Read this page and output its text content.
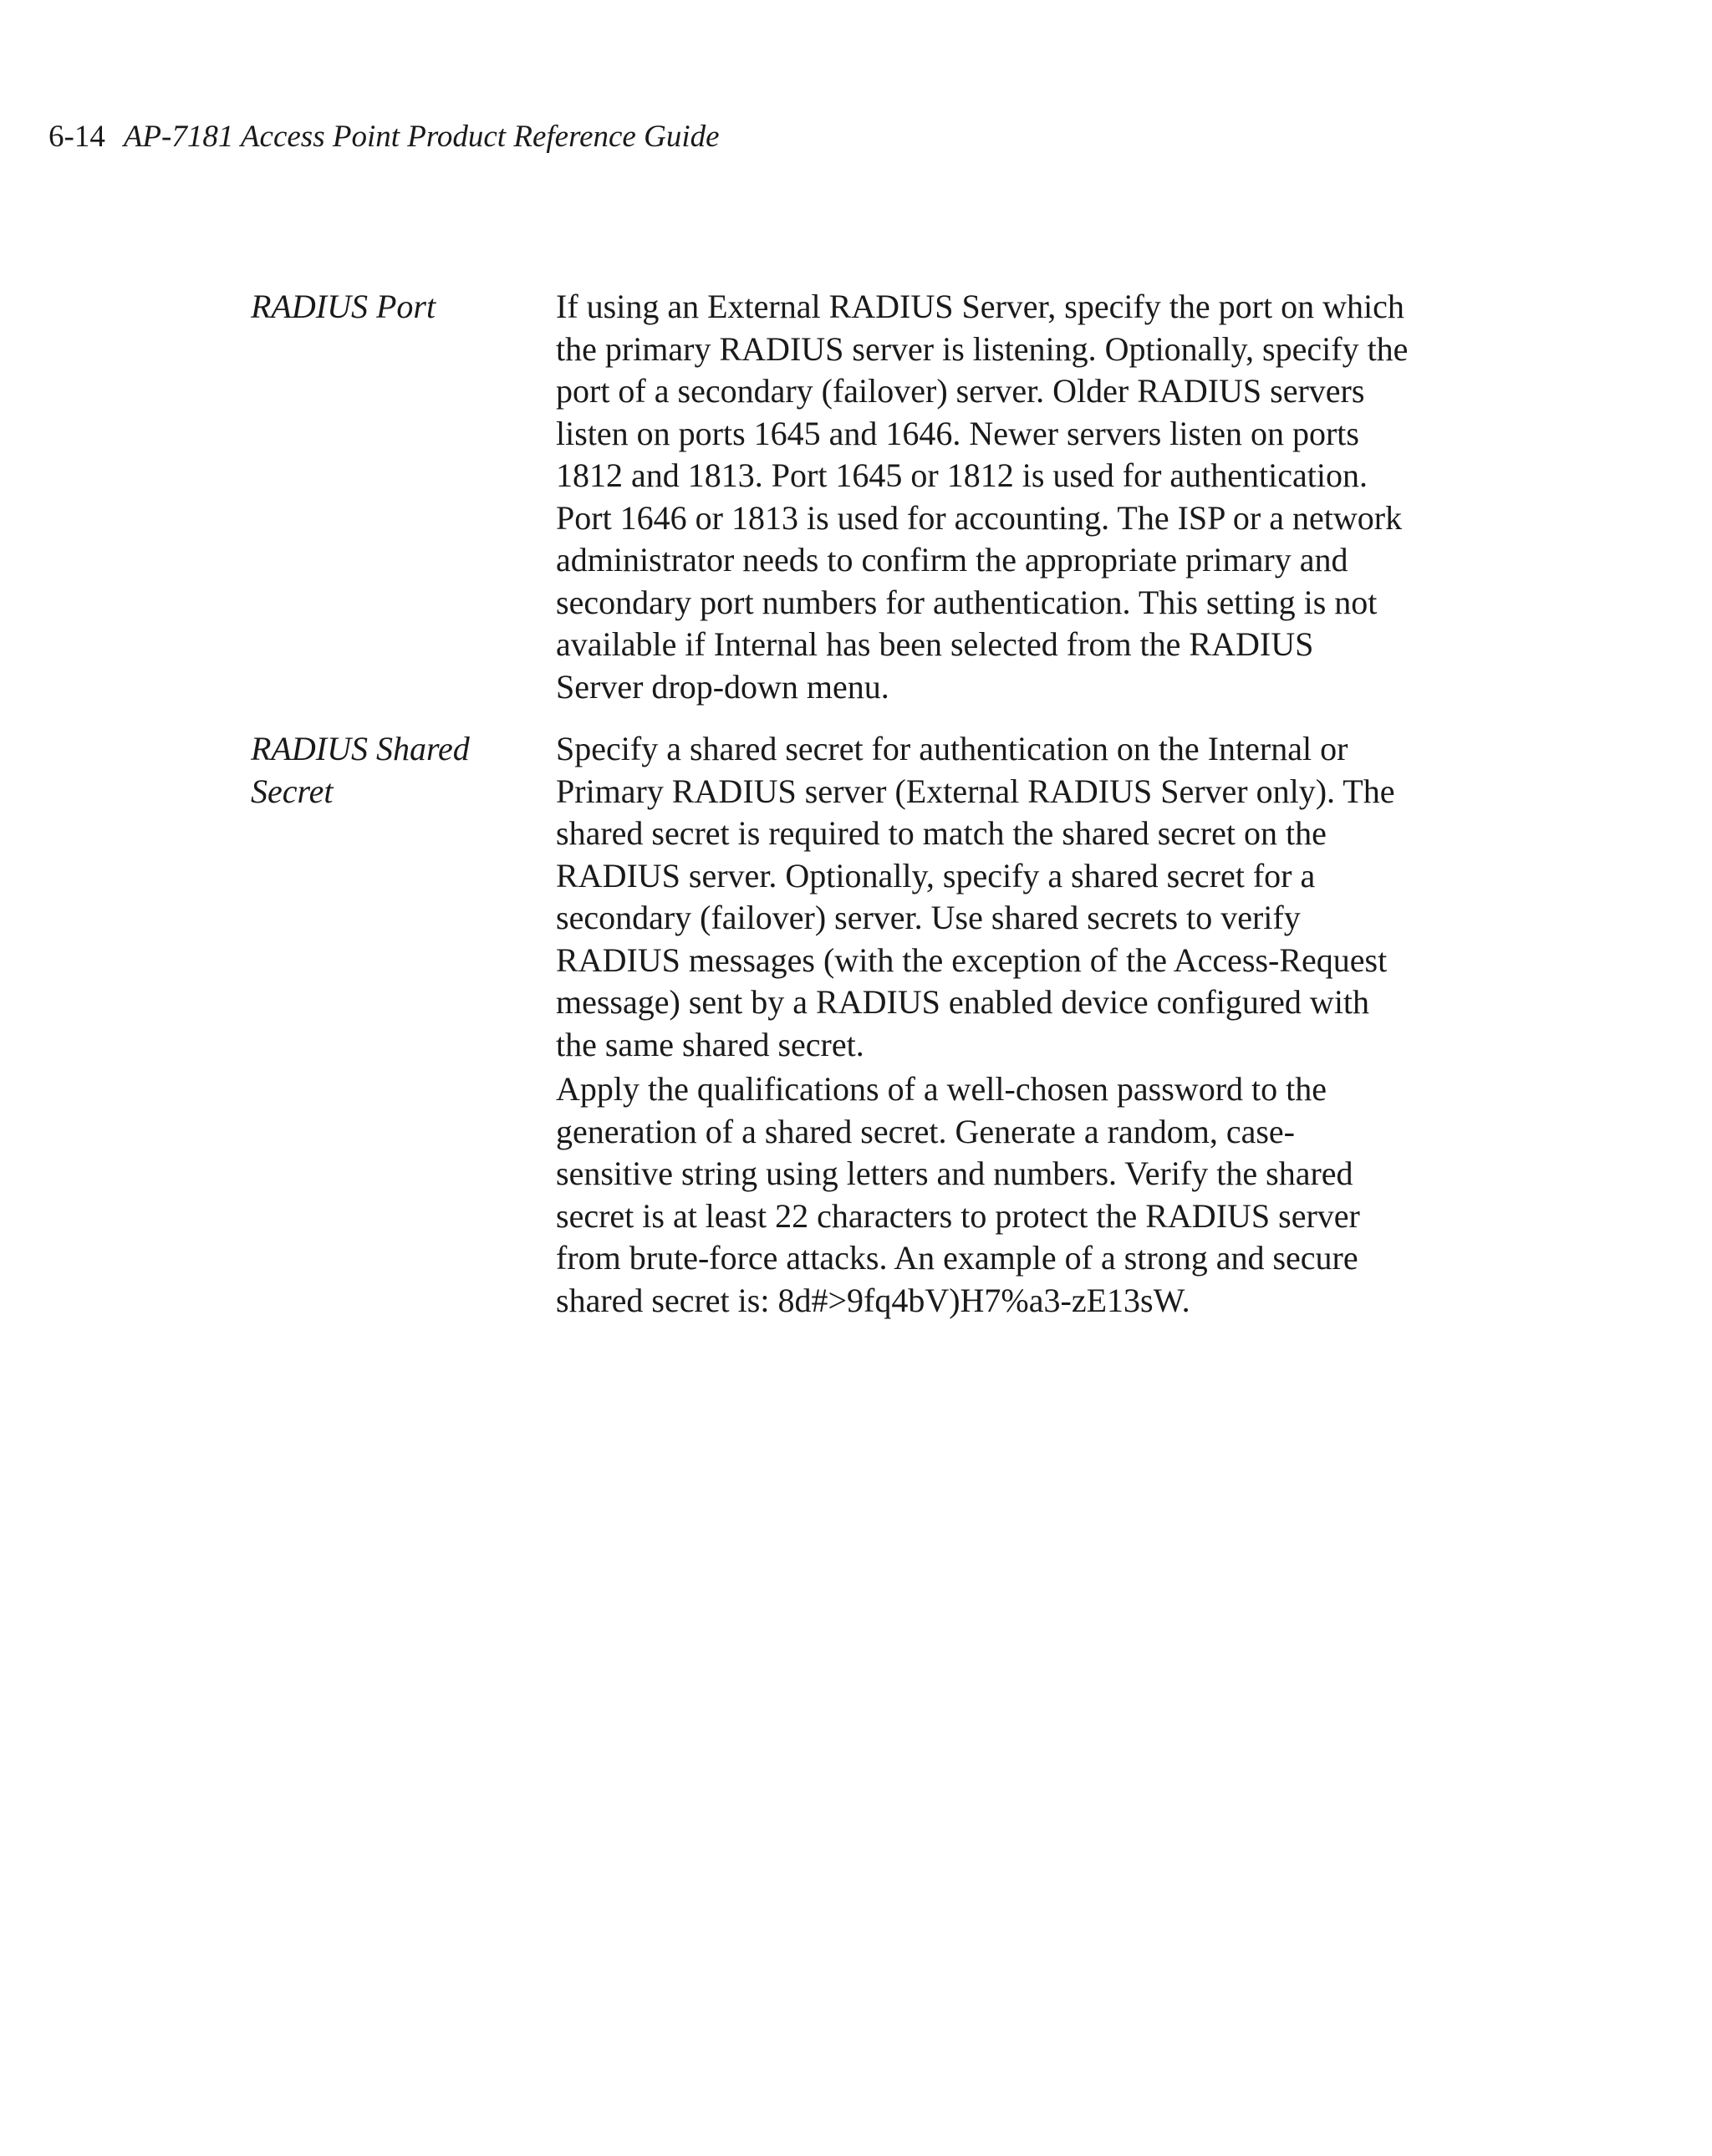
6-14 AP-7181 Access Point Product Reference Guide
RADIUS Port	If using an External RADIUS Server, specify the port on which the primary RADIUS server is listening. Optionally, specify the port of a secondary (failover) server. Older RADIUS servers listen on ports 1645 and 1646. Newer servers listen on ports 1812 and 1813. Port 1645 or 1812 is used for authentication. Port 1646 or 1813 is used for accounting. The ISP or a network administrator needs to confirm the appropriate primary and secondary port numbers for authentication. This setting is not available if Internal has been selected from the RADIUS Server drop-down menu.

RADIUS Shared Secret

Specify a shared secret for authentication on the Internal or Primary RADIUS server (External RADIUS Server only). The shared secret is required to match the shared secret on the RADIUS server. Optionally, specify a shared secret for a secondary (failover) server. Use shared secrets to verify RADIUS messages (with the exception of the Access-Request message) sent by a RADIUS enabled device configured with the same shared secret.

Apply the qualifications of a well-chosen password to the generation of a shared secret. Generate a random, case-sensitive string using letters and numbers. Verify the shared secret is at least 22 characters to protect the RADIUS server from brute-force attacks. An example of a strong and secure shared secret is: 8d#>9fq4bV)H7%a3-zE13sW.
